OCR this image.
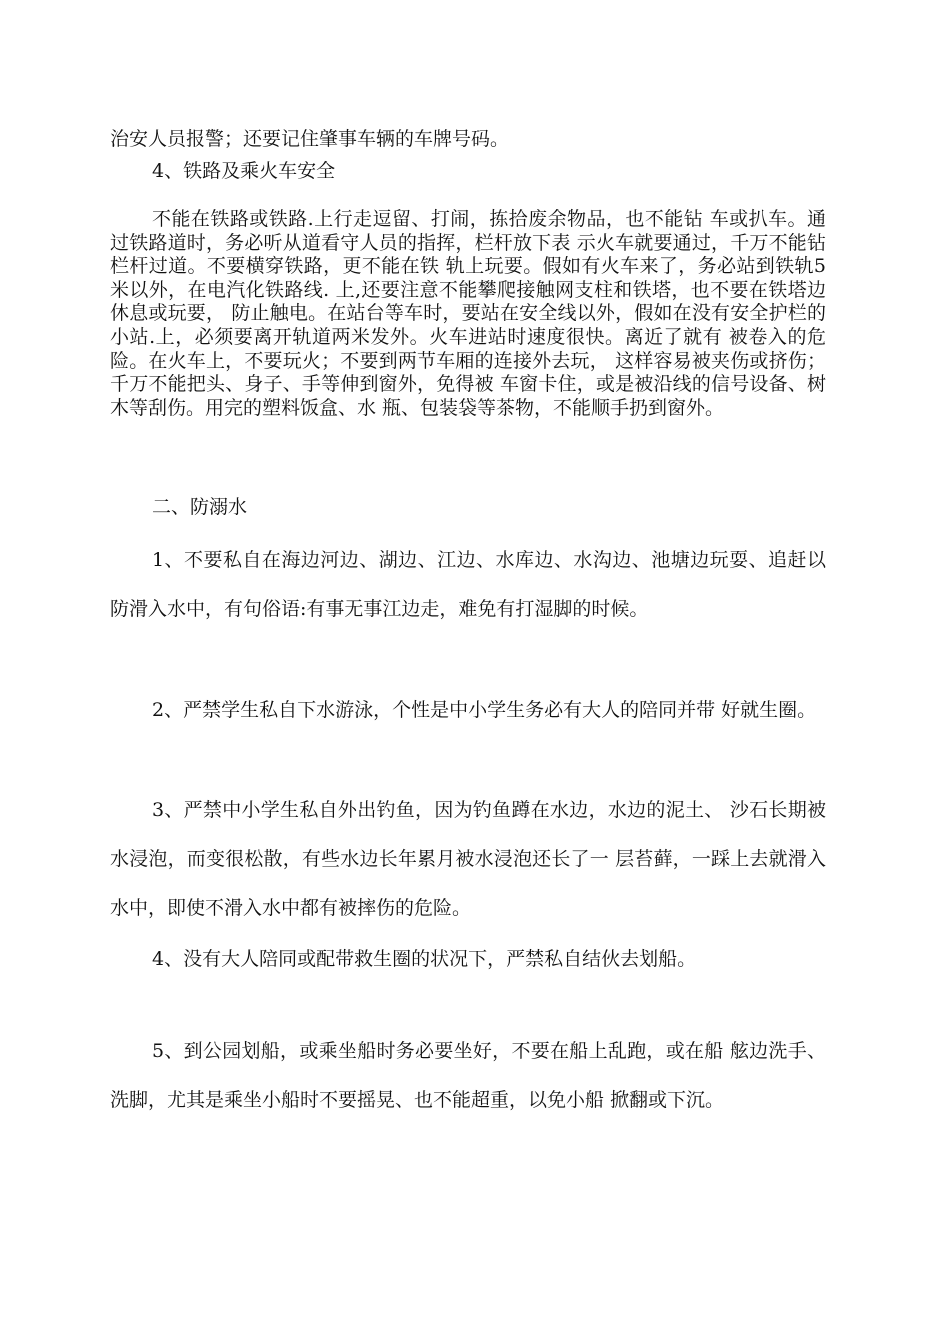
治安人员报警；还要记住肇事车辆的车牌号码。

4、铁路及乘火车安全

不能在铁路或铁路.上行走逗留、打闹，拣拾废余物品，也不能钻 车或扒车。通过铁路道时，务必听从道看守人员的指挥，栏杆放下表 示火车就要通过，千万不能钻栏杆过道。不要横穿铁路，更不能在铁 轨上玩要。假如有火车来了，务必站到铁轨5米以外，在电汽化铁路线. 上,还要注意不能攀爬接触网支柱和铁塔，也不要在铁塔边休息或玩要， 防止触电。在站台等车时，要站在安全线以外，假如在没有安全护栏的 小站.上，必须要离开轨道两米发外。火车进站时速度很快。离近了就有 被卷入的危险。在火车上，不要玩火；不要到两节车厢的连接外去玩， 这样容易被夹伤或挤伤；千万不能把头、身子、手等伸到窗外，免得被 车窗卡住，或是被沿线的信号设备、树木等刮伤。用完的塑料饭盒、水 瓶、包装袋等茶物，不能顺手扔到窗外。

二、防溺水

1、不要私自在海边河边、湖边、江边、水库边、水沟边、池塘边玩耍、追赶以防滑入水中，有句俗语:有事无事江边走，难免有打湿脚的时候。

2、严禁学生私自下水游泳，个性是中小学生务必有大人的陪同并带 好就生圈。

3、严禁中小学生私自外出钓鱼，因为钓鱼蹲在水边，水边的泥土、 沙石长期被水浸泡，而变很松散，有些水边长年累月被水浸泡还长了一 层苔藓，一踩上去就滑入水中，即使不滑入水中都有被摔伤的危险。

4、没有大人陪同或配带救生圈的状况下，严禁私自结伙去划船。

5、到公园划船，或乘坐船时务必要坐好，不要在船上乱跑，或在船 舷边洗手、洗脚，尤其是乘坐小船时不要摇晃、也不能超重，以免小船 掀翻或下沉。
